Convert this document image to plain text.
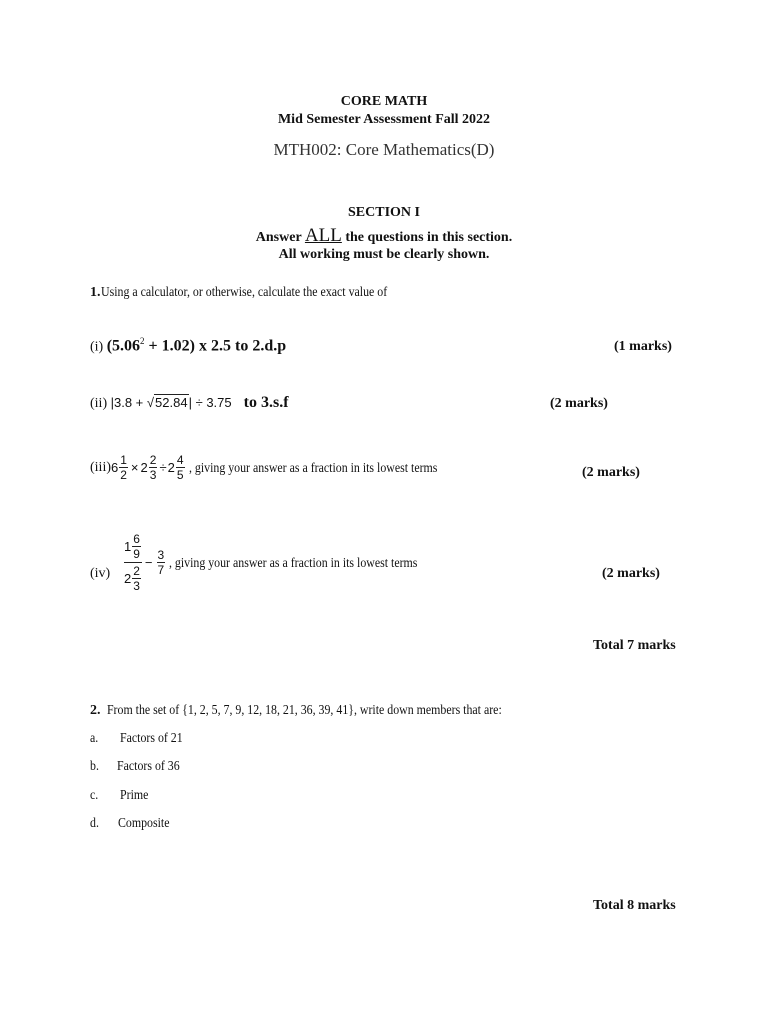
CORE MATH
Mid Semester Assessment Fall 2022
MTH002: Core Mathematics(D)
SECTION I
Answer ALL the questions in this section.
All working must be clearly shown.
1.Using a calculator, or otherwise, calculate the exact value of
(i) $(5.06^2 + 1.02)$ x 2.5 to 2.d.p	(1 marks)
(ii) |3.8 + √52.84| ÷ 3.75   to 3.s.f	(2 marks)
(iii) $6 \frac{1}{2} \times 2 \frac{2}{3} \div 2 \frac{4}{5}$ , giving your answer as a fraction in its lowest terms	(2 marks)
(iv)
$1 \frac{6}{9}$
$2 \frac{2}{3}$
− $\frac{3}{7}$ , giving your answer as a fraction in its lowest terms
(2 marks)
Total 7 marks
2.  From the set of {1, 2, 5, 7, 9, 12, 18, 21, 36, 39, 41}, write down members that are:
a. Factors of 21
b. Factors of 36
c. Prime
d. Composite
Total 8 marks
